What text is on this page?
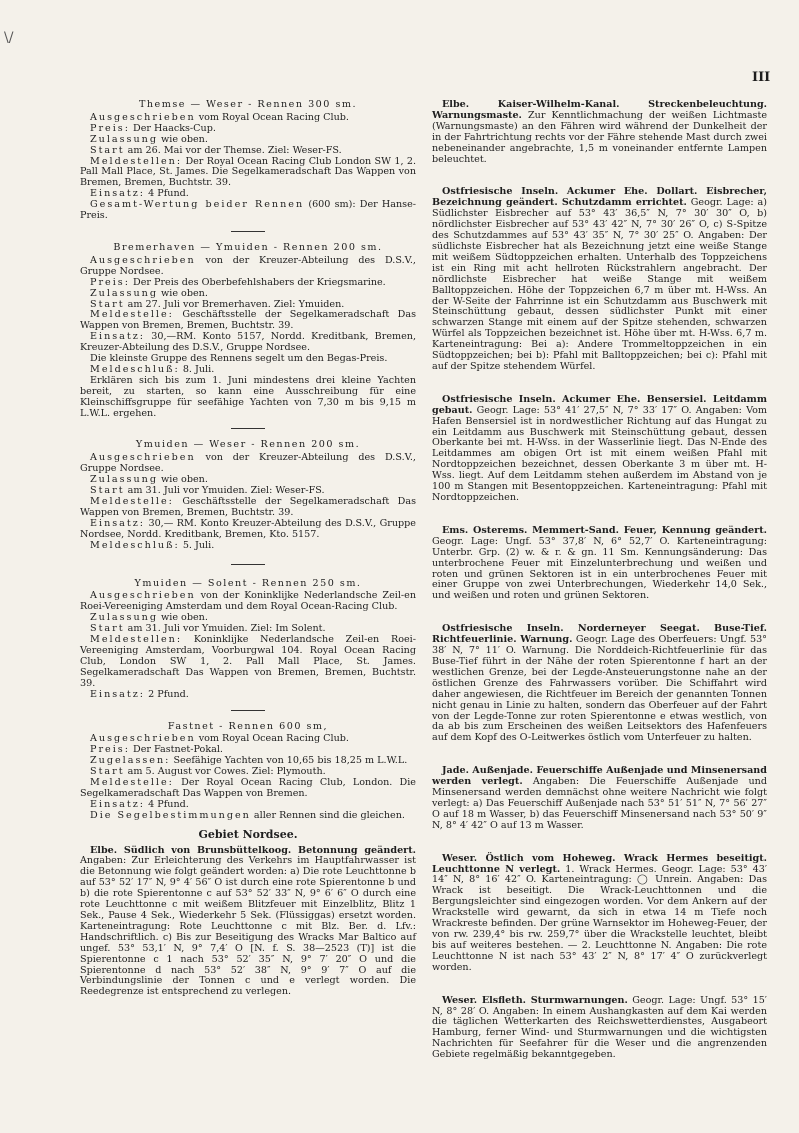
\/
III

Themse — Weser - Rennen 300 sm.

Ausgeschrieben vom Royal Ocean Racing Club.

Preis: Der Haacks-Cup.

Zulassung wie oben.

Start am 26. Mai vor der Themse. Ziel: Weser-FS.

Meldestellen: Der Royal Ocean Racing Club London SW 1, 2. Pall Mall Place, St. James. Die Segelkameradschaft Das Wappen von Bremen, Bremen, Buchtstr. 39.

Einsatz: 4 Pfund.

Gesamt-Wertung beider Rennen (600 sm): Der Hanse-Preis.

Bremerhaven — Ymuiden - Rennen 200 sm.

Ausgeschrieben von der Kreuzer-Abteilung des D.S.V., Gruppe Nordsee.

Preis: Der Preis des Oberbefehlshabers der Kriegsmarine.

Zulassung wie oben.

Start am 27. Juli vor Bremerhaven. Ziel: Ymuiden.

Meldestelle: Geschäftsstelle der Segelkameradschaft Das Wappen von Bremen, Bremen, Buchtstr. 39.

Einsatz: 30,—RM. Konto 5157, Nordd. Kreditbank, Bremen, Kreuzer-Abteilung des D.S.V., Gruppe Nordsee.

Die kleinste Gruppe des Rennens segelt um den Begas-Preis.

Meldeschluß: 8. Juli.

Erklären sich bis zum 1. Juni mindestens drei kleine Yachten bereit, zu starten, so kann eine Ausschreibung für eine Kleinschiffsgruppe für seefähige Yachten von 7,30 m bis 9,15 m L.W.L. ergehen.

Ymuiden — Weser - Rennen 200 sm.

Ausgeschrieben von der Kreuzer-Abteilung des D.S.V., Gruppe Nordsee.

Zulassung wie oben.

Start am 31. Juli vor Ymuiden. Ziel: Weser-FS.

Meldestelle: Geschäftsstelle der Segelkameradschaft Das Wappen von Bremen, Bremen, Buchtstr. 39.

Einsatz: 30,— RM. Konto Kreuzer-Abteilung des D.S.V., Gruppe Nordsee, Nordd. Kreditbank, Bremen, Kto. 5157.

Meldeschluß: 5. Juli.

Ymuiden — Solent - Rennen 250 sm.

Ausgeschrieben von der Koninklijke Nederlandsche Zeil-en Roei-Vereeniging Amsterdam und dem Royal Ocean-Racing Club.

Zulassung wie oben.

Start am 31. Juli vor Ymuiden. Ziel: Im Solent.

Meldestellen: Koninklijke Nederlandsche Zeil-en Roei-Vereeniging Amsterdam, Voorburgwal 104. Royal Ocean Racing Club, London SW 1, 2. Pall Mall Place, St. James. Segelkameradschaft Das Wappen von Bremen, Bremen, Buchtstr. 39.

Einsatz: 2 Pfund.

Fastnet - Rennen 600 sm,

Ausgeschrieben vom Royal Ocean Racing Club.

Preis: Der Fastnet-Pokal.

Zugelassen: Seefähige Yachten von 10,65 bis 18,25 m L.W.L.

Start am 5. August vor Cowes. Ziel: Plymouth.

Meldestelle: Der Royal Ocean Racing Club, London. Die Segelkameradschaft Das Wappen von Bremen.

Einsatz: 4 Pfund.

Die Segelbestimmungen aller Rennen sind die gleichen.

Gebiet Nordsee.

Elbe. Südlich von Brunsbüttelkoog. Betonnung geändert. Angaben: Zur Erleichterung des Verkehrs im Hauptfahrwasser ist die Betonnung wie folgt geändert worden: a) Die rote Leuchttonne b auf 53° 52′ 17″ N, 9° 4′ 56″ O ist durch eine rote Spierentonne b und b) die rote Spierentonne c auf 53° 52′ 33″ N, 9° 6′ 6″ O durch eine rote Leuchttonne c mit weißem Blitzfeuer mit Einzelblitz, Blitz 1 Sek., Pause 4 Sek., Wiederkehr 5 Sek. (Flüssiggas) ersetzt worden. Karteneintragung: Rote Leuchttonne c mit Blz. Ber. d. Lfv.: Handschriftlich. c) Bis zur Beseitigung des Wracks Mar Baltico auf ungef. 53° 53,1′ N, 9° 7,4′ O [N. f. S. 38—2523 (T)] ist die Spierentonne c 1 nach 53° 52′ 35″ N, 9° 7′ 20″ O und die Spierentonne d nach 53° 52′ 38″ N, 9° 9′ 7″ O auf die Verbindungslinie der Tonnen c und e verlegt worden. Die Reedegrenze ist entsprechend zu verlegen.

Elbe. Kaiser-Wilhelm-Kanal. Streckenbeleuchtung. Warnungsmaste. Zur Kenntlichmachung der weißen Lichtmaste (Warnungsmaste) an den Fähren wird während der Dunkelheit der in der Fahrtrichtung rechts vor der Fähre stehende Mast durch zwei nebeneinander angebrachte, 1,5 m voneinander entfernte Lampen beleuchtet.

Ostfriesische Inseln. Ackumer Ehe. Dollart. Eisbrecher, Bezeichnung geändert. Schutzdamm errichtet. Geogr. Lage: a) Südlichster Eisbrecher auf 53° 43′ 36,5″ N, 7° 30′ 30″ O, b) nördlichster Eisbrecher auf 53° 43′ 42″ N, 7° 30′ 26″ O, c) S-Spitze des Schutzdammes auf 53° 43′ 35″ N, 7° 30′ 25″ O. Angaben: Der südlichste Eisbrecher hat als Bezeichnung jetzt eine weiße Stange mit weißem Südtoppzeichen erhalten. Unterhalb des Toppzeichens ist ein Ring mit acht hellroten Rückstrahlern angebracht. Der nördlichste Eisbrecher hat weiße Stange mit weißem Balltoppzeichen. Höhe der Toppzeichen 6,7 m über mt. H-Wss. An der W-Seite der Fahrrinne ist ein Schutzdamm aus Buschwerk mit Steinschüttung gebaut, dessen südlichster Punkt mit einer schwarzen Stange mit einem auf der Spitze stehenden, schwarzen Würfel als Toppzeichen bezeichnet ist. Höhe über mt. H-Wss. 6,7 m. Karteneintragung: Bei a): Andere Trommeltoppzeichen in ein Südtoppzeichen; bei b): Pfahl mit Balltoppzeichen; bei c): Pfahl mit auf der Spitze stehendem Würfel.

Ostfriesische Inseln. Ackumer Ehe. Bensersiel. Leitdamm gebaut. Geogr. Lage: 53° 41′ 27,5″ N, 7° 33′ 17″ O. Angaben: Vom Hafen Bensersiel ist in nordwestlicher Richtung auf das Hungat zu ein Leitdamm aus Buschwerk mit Steinschüttung gebaut, dessen Oberkante bei mt. H-Wss. in der Wasserlinie liegt. Das N-Ende des Leitdammes am obigen Ort ist mit einem weißen Pfahl mit Nordtoppzeichen bezeichnet, dessen Oberkante 3 m über mt. H-Wss. liegt. Auf dem Leitdamm stehen außerdem im Abstand von je 100 m Stangen mit Besentoppzeichen. Karteneintragung: Pfahl mit Nordtoppzeichen.

Ems. Osterems. Memmert-Sand. Feuer, Kennung geändert. Geogr. Lage: Ungf. 53° 37,8′ N, 6° 52,7′ O. Karteneintragung: Unterbr. Grp. (2) w. & r. & gn. 11 Sm. Kennungsänderung: Das unterbrochene Feuer mit Einzelunterbrechung und weißen und roten und grünen Sektoren ist in ein unterbrochenes Feuer mit einer Gruppe von zwei Unterbrechungen, Wiederkehr 14,0 Sek., und weißen und roten und grünen Sektoren.

Ostfriesische Inseln. Norderneyer Seegat. Buse-Tief. Richtfeuerlinie. Warnung. Geogr. Lage des Oberfeuers: Ungf. 53° 38′ N, 7° 11′ O. Warnung. Die Norddeich-Richtfeuerlinie für das Buse-Tief führt in der Nähe der roten Spierentonne f hart an der westlichen Grenze, bei der Legde-Ansteuerungstonne nahe an der östlichen Grenze des Fahrwassers vorüber. Die Schiffahrt wird daher angewiesen, die Richtfeuer im Bereich der genannten Tonnen nicht genau in Linie zu halten, sondern das Oberfeuer auf der Fahrt von der Legde-Tonne zur roten Spierentonne e etwas westlich, von da ab bis zum Erscheinen des weißen Leitsektors des Hafenfeuers auf dem Kopf des O-Leitwerkes östlich vom Unterfeuer zu halten.

Jade. Außenjade. Feuerschiffe Außenjade und Minsenersand werden verlegt. Angaben: Die Feuerschiffe Außenjade und Minsenersand werden demnächst ohne weitere Nachricht wie folgt verlegt: a) Das Feuerschiff Außenjade nach 53° 51′ 51″ N, 7° 56′ 27″ O auf 18 m Wasser, b) das Feuerschiff Minsenersand nach 53° 50′ 9″ N, 8° 4′ 42″ O auf 13 m Wasser.

Weser. Östlich vom Hoheweg. Wrack Hermes beseitigt. Leuchttonne N verlegt. 1. Wrack Hermes. Geogr. Lage: 53° 43′ 14″ N, 8° 16′ 42″ O. Karteneintragung: ◯ Unrein. Angaben: Das Wrack ist beseitigt. Die Wrack-Leuchttonnen und die Bergungsleichter sind eingezogen worden. Vor dem Ankern auf der Wrackstelle wird gewarnt, da sich in etwa 14 m Tiefe noch Wrackreste befinden. Der grüne Warnsektor im Hoheweg-Feuer, der von rw. 239,4° bis rw. 259,7° über die Wrackstelle leuchtet, bleibt bis auf weiteres bestehen. — 2. Leuchttonne N. Angaben: Die rote Leuchttonne N ist nach 53° 43′ 2″ N, 8° 17′ 4″ O zurückverlegt worden.

Weser. Elsfleth. Sturmwarnungen. Geogr. Lage: Ungf. 53° 15′ N, 8° 28′ O. Angaben: In einem Aushangkasten auf dem Kai werden die täglichen Wetterkarten des Reichswetterdienstes, Ausgabeort Hamburg, ferner Wind- und Sturmwarnungen und die wichtigsten Nachrichten für Seefahrer für die Weser und die angrenzenden Gebiete regelmäßig bekanntgegeben.
